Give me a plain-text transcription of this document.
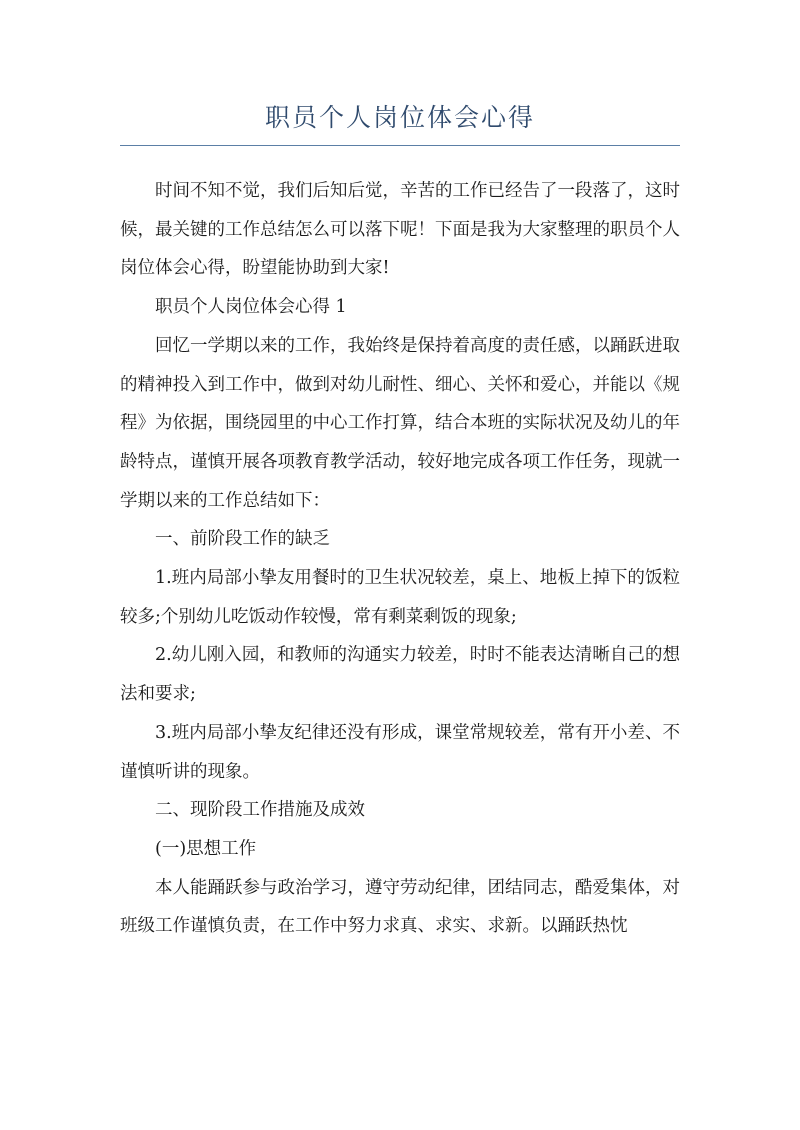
职员个人岗位体会心得

时间不知不觉，我们后知后觉，辛苦的工作已经告了一段落了，这时候，最关键的工作总结怎么可以落下呢！下面是我为大家整理的职员个人岗位体会心得，盼望能协助到大家!

职员个人岗位体会心得 1

回忆一学期以来的工作，我始终是保持着高度的责任感，以踊跃进取的精神投入到工作中，做到对幼儿耐性、细心、关怀和爱心，并能以《规程》为依据，围绕园里的中心工作打算，结合本班的实际状况及幼儿的年龄特点，谨慎开展各项教育教学活动，较好地完成各项工作任务，现就一学期以来的工作总结如下：

一、前阶段工作的缺乏

1.班内局部小挚友用餐时的卫生状况较差，桌上、地板上掉下的饭粒较多;个别幼儿吃饭动作较慢，常有剩菜剩饭的现象;

2.幼儿刚入园，和教师的沟通实力较差，时时不能表达清晰自己的想法和要求;

3.班内局部小挚友纪律还没有形成，课堂常规较差，常有开小差、不谨慎听讲的现象。

二、现阶段工作措施及成效

(一)思想工作

本人能踊跃参与政治学习，遵守劳动纪律，团结同志，酷爱集体，对班级工作谨慎负责，在工作中努力求真、求实、求新。以踊跃热忱
